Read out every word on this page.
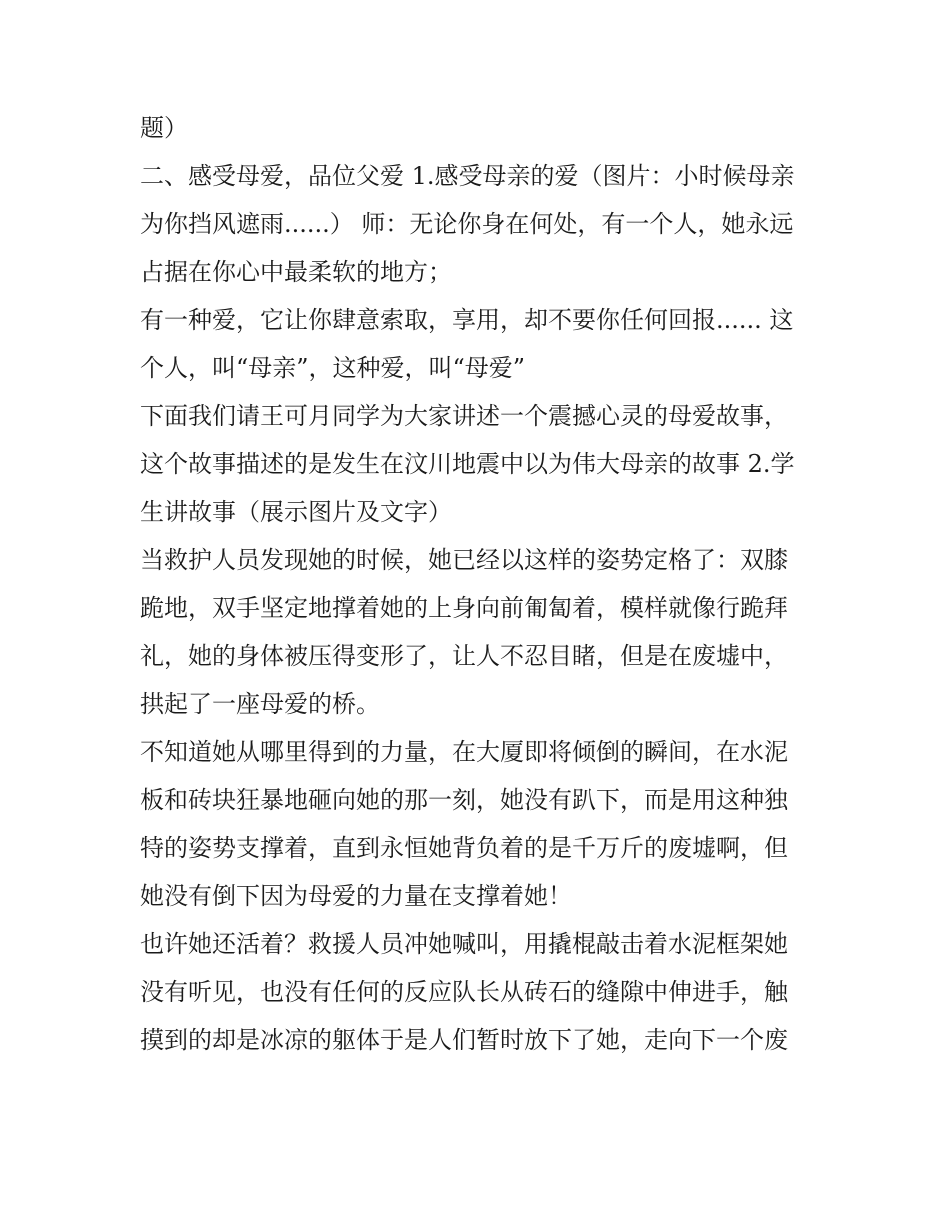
题）
二、感受母爱，品位父爱 1.感受母亲的爱（图片：小时候母亲
为你挡风遮雨......） 师：无论你身在何处，有一个人，她永远
占据在你心中最柔软的地方；
有一种爱，它让你肆意索取，享用，却不要你任何回报...... 这
个人，叫“母亲”，这种爱，叫“母爱”
下面我们请王可月同学为大家讲述一个震撼心灵的母爱故事，
这个故事描述的是发生在汶川地震中以为伟大母亲的故事 2.学
生讲故事（展示图片及文字）
当救护人员发现她的时候，她已经以这样的姿势定格了：双膝
跪地，双手坚定地撑着她的上身向前匍匐着，模样就像行跪拜
礼，她的身体被压得变形了，让人不忍目睹，但是在废墟中，
拱起了一座母爱的桥。
不知道她从哪里得到的力量，在大厦即将倾倒的瞬间，在水泥
板和砖块狂暴地砸向她的那一刻，她没有趴下，而是用这种独
特的姿势支撑着，直到永恒她背负着的是千万斤的废墟啊，但
她没有倒下因为母爱的力量在支撑着她！
也许她还活着？救援人员冲她喊叫，用撬棍敲击着水泥框架她
没有听见，也没有任何的反应队长从砖石的缝隙中伸进手，触
摸到的却是冰凉的躯体于是人们暂时放下了她，走向下一个废
